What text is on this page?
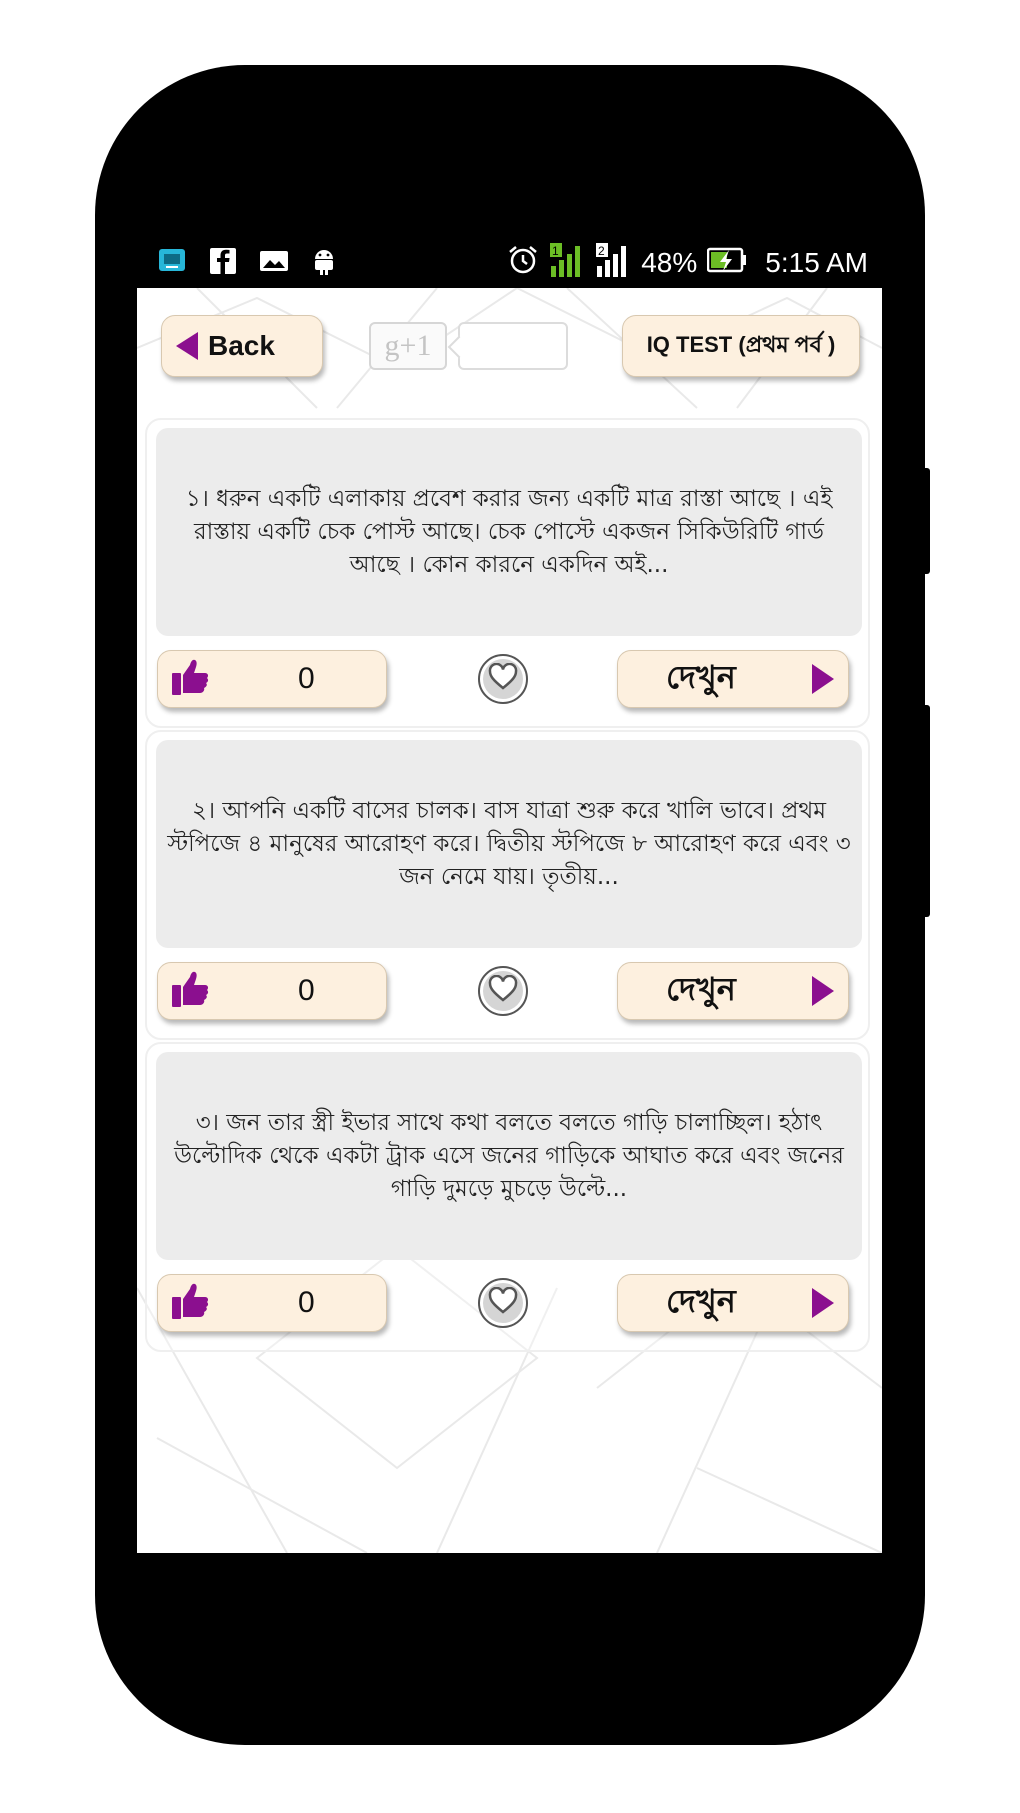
1	2 48% 5:15 AM
Back	g+1	IQ TEST (প্রথম পর্ব )
১। ধরুন একটি এলাকায় প্রবেশ করার জন্য একটি মাত্র রাস্তা আছে । এই রাস্তায় একটি চেক পোস্ট আছে। চেক পোস্টে একজন সিকিউরিটি গার্ড আছে । কোন কারনে একদিন অই...
0	দেখুন
২। আপনি একটি বাসের চালক। বাস যাত্রা শুরু করে খালি ভাবে। প্রথম স্টপিজে ৪ মানুষের আরোহণ করে। দ্বিতীয় স্টপিজে ৮ আরোহণ করে এবং ৩ জন নেমে যায়। তৃতীয়...
0	দেখুন
৩। জন তার স্ত্রী ইভার সাথে কথা বলতে বলতে গাড়ি চালাচ্ছিল। হঠাৎ উল্টোদিক থেকে একটা ট্রাক এসে জনের গাড়িকে আঘাত করে এবং জনের গাড়ি দুমড়ে মুচড়ে উল্টে...
0	দেখুন
